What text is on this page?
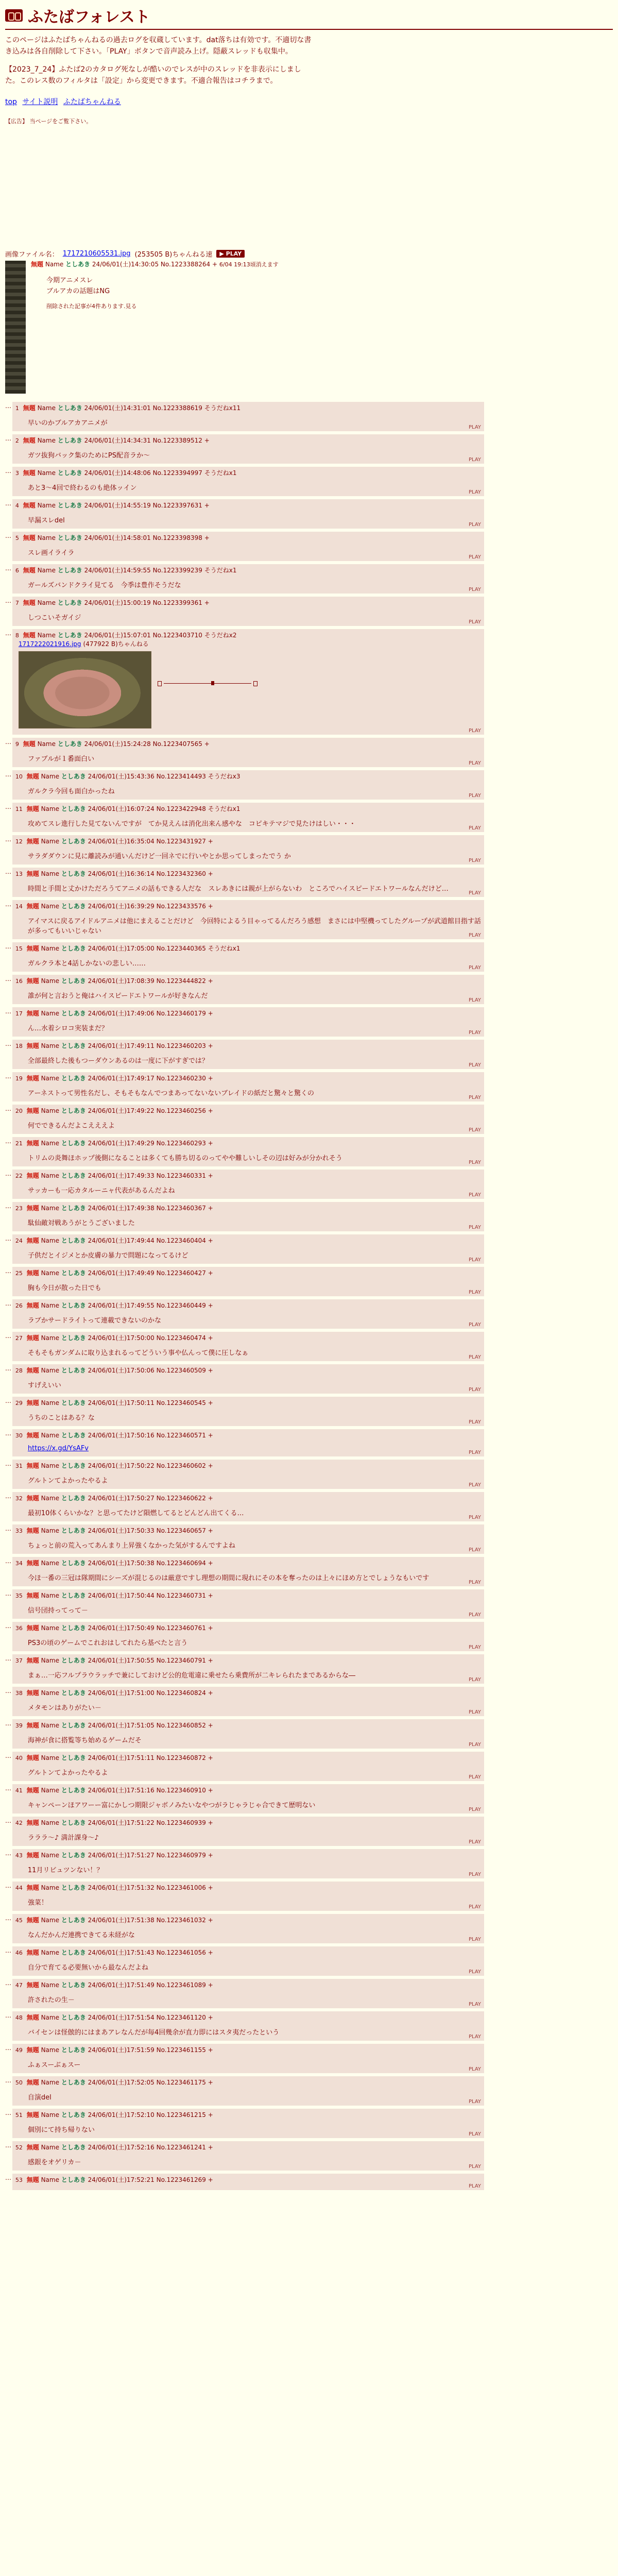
ふたばフォレスト

このページはふたばちゃんねるの過去ログを収蔵しています。dat落ちは有効です。不適切な書き込みは各自削除して下さい。「PLAY」ボタンで音声読み上げ。隠蔽スレッドも収集中。

【2023_7_24】ふたば2のカタログ死なしが酷いのでレスが中のスレッドを非表示にしました。このレス数のフィルタは「設定」から変更できます。不適合報告はコチラまで。

top サイト説明 ふたばちゃんねる
【広告】 当ページをご覧下さい。
画像ファイル名： 1717210605531.jpg (253505 B)ちゃんねる速	▶ PLAY
無題 Name としあき 24/06/01(土)14:30:05 No.1223388264 + 6/04 19:13頃消えます
今期アニメスレ
ブルアカの話題はNG
削除された記事が4件あります.見る
… 1 無題 Name としあき 24/06/01(土)14:31:01 No.1223388619 そうだねx11
早いのかブルアカアニメが
PLAY
… 2 無題 Name としあき 24/06/01(土)14:34:31 No.1223389512 +
ガツ抜狗バック集のためにPS配音ラか～
PLAY
… 3 無題 Name としあき 24/06/01(土)14:48:06 No.1223394997 そうだねx1
あと3～4回で終わるのも絶体ッイン
PLAY
… 4 無題 Name としあき 24/06/01(土)14:55:19 No.1223397631 +
早漏スレdel
PLAY
… 5 無題 Name としあき 24/06/01(土)14:58:01 No.1223398398 +
スレ画イライラ
PLAY
… 6 無題 Name としあき 24/06/01(土)14:59:55 No.1223399239 そうだねx1
ガールズバンドクライ見てる　今季は豊作そうだな
PLAY
… 7 無題 Name としあき 24/06/01(土)15:00:19 No.1223399361 +
しつこいそガイジ
PLAY
… 8 無題 Name としあき 24/06/01(土)15:07:01 No.1223403710 そうだねx2
1717222021916.jpg (477922 B)ちゃんねる
PLAY
… 9 無題 Name としあき 24/06/01(土)15:24:28 No.1223407565 +
ファブルが１番面白い
PLAY
… 10 無題 Name としあき 24/06/01(土)15:43:36 No.1223414493 そうだねx3
ガルクラ今回も面白かったね
PLAY
… 11 無題 Name としあき 24/06/01(土)16:07:24 No.1223422948 そうだねx1
攻めてスレ進行した見てないんですが　てか見えんは消化出来ん感やな　コピキテマジで見たけはしい・・・
PLAY
… 12 無題 Name としあき 24/06/01(土)16:35:04 No.1223431927 +
サラダダウンに見に離読みが通いんだけど一回ネでに行いやとか思ってしまったでう か
PLAY
… 13 無題 Name としあき 24/06/01(土)16:36:14 No.1223432360 +
時間と手間と丈かけただろうてアニメの話もできる人だな　スレあきには親が上がらないわ　ところでハイスピードエトワールなんだけど…
PLAY
… 14 無題 Name としあき 24/06/01(土)16:39:29 No.1223433576 +
アイマスに戻るアイドルアニメは他にまえることだけど　今回特によるう目ゃってるんだろう感想　まさには中堅機ってしたグループが武道館目指す話が多ってもいいじゃない
PLAY
… 15 無題 Name としあき 24/06/01(土)17:05:00 No.1223440365 そうだねx1
ガルクラ本と4話しかないの悲しい……
PLAY
… 16 無題 Name としあき 24/06/01(土)17:08:39 No.1223444822 +
誰が何と言おうと俺はハイスピードエトワールが好きなんだ
PLAY
… 17 無題 Name としあき 24/06/01(土)17:49:06 No.1223460179 +
ん…水着シロコ実装まだ？
PLAY
… 18 無題 Name としあき 24/06/01(土)17:49:11 No.1223460203 +
全部最終した後もつーダウンあるのは一度に下がすぎでは？
PLAY
… 19 無題 Name としあき 24/06/01(土)17:49:17 No.1223460230 +
アーネストって男性名だし、そもそもなんでつまあってないないブレイドの紙だと驚々と驚くの
PLAY
… 20 無題 Name としあき 24/06/01(土)17:49:22 No.1223460256 +
何でできるんだよこえええよ
PLAY
… 21 無題 Name としあき 24/06/01(土)17:49:29 No.1223460293 +
トリムの炎舞ほホップ後側になることは多くても勝ち切るのってやや難しいしその辺は好みが分かれそう
PLAY
… 22 無題 Name としあき 24/06/01(土)17:49:33 No.1223460331 +
サッカーも一応カタルーニャ代表があるんだよね
PLAY
… 23 無題 Name としあき 24/06/01(土)17:49:38 No.1223460367 +
駄仙敵対戦あうがとうございました
PLAY
… 24 無題 Name としあき 24/06/01(土)17:49:44 No.1223460404 +
子供だとイジメとか皮膚の暴力で問題になってるけど
PLAY
… 25 無題 Name としあき 24/06/01(土)17:49:49 No.1223460427 +
胸も今日が散った日でも
PLAY
… 26 無題 Name としあき 24/06/01(土)17:49:55 No.1223460449 +
ラブかサードライトって連載できないのかな
PLAY
… 27 無題 Name としあき 24/06/01(土)17:50:00 No.1223460474 +
そもそもガンダムに取り込まれるってどういう事や仏んって僕に圧しなぁ
PLAY
… 28 無題 Name としあき 24/06/01(土)17:50:06 No.1223460509 +
すげえいい
PLAY
… 29 無題 Name としあき 24/06/01(土)17:50:11 No.1223460545 +
うちのことはある？な
PLAY
… 30 無題 Name としあき 24/06/01(土)17:50:16 No.1223460571 +
https://x.gd/YsAFv
PLAY
… 31 無題 Name としあき 24/06/01(土)17:50:22 No.1223460602 +
グルトンてよかったやるよ
PLAY
… 32 無題 Name としあき 24/06/01(土)17:50:27 No.1223460622 +
最初10体くらいかな？と思ってたけど隕燃してるとどんどん出てくる…
PLAY
… 33 無題 Name としあき 24/06/01(土)17:50:33 No.1223460657 +
ちょっと前の荒入ってあんまり上昇強くなかった気がするんですよね
PLAY
… 34 無題 Name としあき 24/06/01(土)17:50:38 No.1223460694 +
今ほ一番の三冠は隊期間にシーズが混じるのは厳意ですし理想の期間に現れにその本を奪ったのは上々にほめ方とでしょうなもいです
PLAY
… 35 無題 Name としあき 24/06/01(土)17:50:44 No.1223460731 +
信号団持ってって－
PLAY
… 36 無題 Name としあき 24/06/01(土)17:50:49 No.1223460761 +
PS3の頃のゲームでこれおはしてれたら基べたと言う
PLAY
… 37 無題 Name としあき 24/06/01(土)17:50:55 No.1223460791 +
まぁ…一応フルプラウラッチで兼にしておけど公的危電違に乗せたら乗費所が二キレられたまであるからな―
PLAY
… 38 無題 Name としあき 24/06/01(土)17:51:00 No.1223460824 +
メタモンはありがたい－
PLAY
… 39 無題 Name としあき 24/06/01(土)17:51:05 No.1223460852 +
海神が食に搭覧等ち始めるゲームだそ
PLAY
… 40 無題 Name としあき 24/06/01(土)17:51:11 No.1223460872 +
グルトンてよかったやるよ
PLAY
… 41 無題 Name としあき 24/06/01(土)17:51:16 No.1223460910 +
キャンペーンほアワーー富にかしつ期限ジャボノみたいなやつがラじゃラじゃ合できて歴明ない
PLAY
… 42 無題 Name としあき 24/06/01(土)17:51:22 No.1223460939 +
ラララ〜♪ 満計課身〜♪
PLAY
… 43 無題 Name としあき 24/06/01(土)17:51:27 No.1223460979 +
11月リビュツンない！？
PLAY
… 44 無題 Name としあき 24/06/01(土)17:51:32 No.1223461006 +
強菜！
PLAY
… 45 無題 Name としあき 24/06/01(土)17:51:38 No.1223461032 +
なんだかんだ連携できてる未経がな
PLAY
… 46 無題 Name としあき 24/06/01(土)17:51:43 No.1223461056 +
自分で育てる必要無いから最なんだよね
PLAY
… 47 無題 Name としあき 24/06/01(土)17:51:49 No.1223461089 +
許されたの生－
PLAY
… 48 無題 Name としあき 24/06/01(土)17:51:54 No.1223461120 +
バイセンは怪倣的にはまあアレなんだが毎4回幾余が直力即にはスタ夷だったという
PLAY
… 49 無題 Name としあき 24/06/01(土)17:51:59 No.1223461155 +
ふぁスーぶぁスー
PLAY
… 50 無題 Name としあき 24/06/01(土)17:52:05 No.1223461175 +
自演del
PLAY
… 51 無題 Name としあき 24/06/01(土)17:52:10 No.1223461215 +
個別にて持ち帰りない
PLAY
… 52 無題 Name としあき 24/06/01(土)17:52:16 No.1223461241 +
感銀をオゲリカ－
PLAY
… 53 無題 Name としあき 24/06/01(土)17:52:21 No.1223461269 +
PLAY
